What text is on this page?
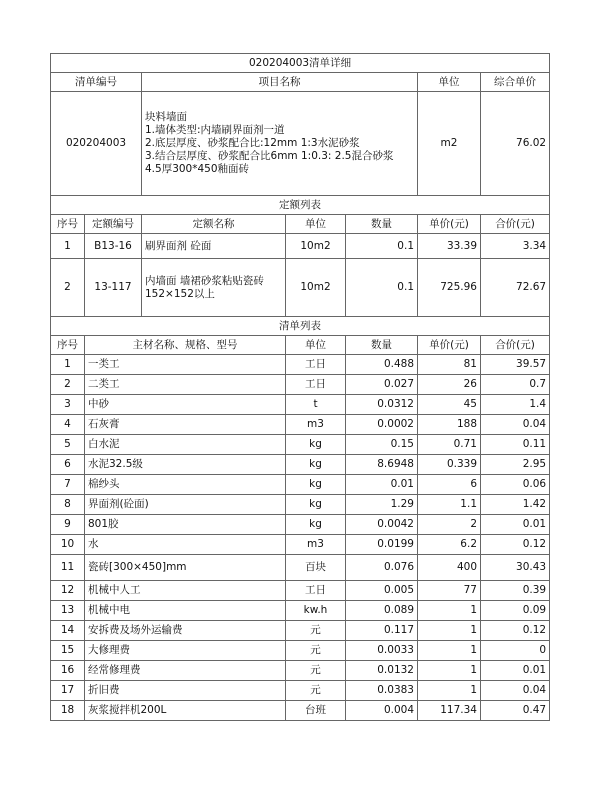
020204003清单详细						
清单编号		项目名称			单位	综合单价
020204003		块料墙面
1.墙体类型:内墙刷界面剂一道
2.底层厚度、砂浆配合比:12mm 1:3水泥砂浆
3.结合层厚度、砂浆配合比6mm 1:0.3: 2.5混合砂浆
4.5厚300*450釉面砖			m2	76.02
定额列表						
序号	定额编号	定额名称	单位	数量	单价(元)	合价(元)
1	B13-16	刷界面剂 砼面	10m2	0.1	33.39	3.34
2	13-117	内墙面 墙裙砂浆粘贴瓷砖 152×152以上	10m2	0.1	725.96	72.67
清单列表						
序号	主材名称、规格、型号		单位	数量	单价(元)	合价(元)
1	一类工		工日	0.488	81	39.57
2	二类工		工日	0.027	26	0.7
3	中砂		t	0.0312	45	1.4
4	石灰膏		m3	0.0002	188	0.04
5	白水泥		kg	0.15	0.71	0.11
6	水泥32.5级		kg	8.6948	0.339	2.95
7	棉纱头		kg	0.01	6	0.06
8	界面剂(砼面)		kg	1.29	1.1	1.42
9	801胶		kg	0.0042	2	0.01
10	水		m3	0.0199	6.2	0.12
11	瓷砖[300×450]mm		百块	0.076	400	30.43
12	机械中人工		工日	0.005	77	0.39
13	机械中电		kw.h	0.089	1	0.09
14	安拆费及场外运输费		元	0.117	1	0.12
15	大修理费		元	0.0033	1	0
16	经常修理费		元	0.0132	1	0.01
17	折旧费		元	0.0383	1	0.04
18	灰浆搅拌机200L		台班	0.004	117.34	0.47
